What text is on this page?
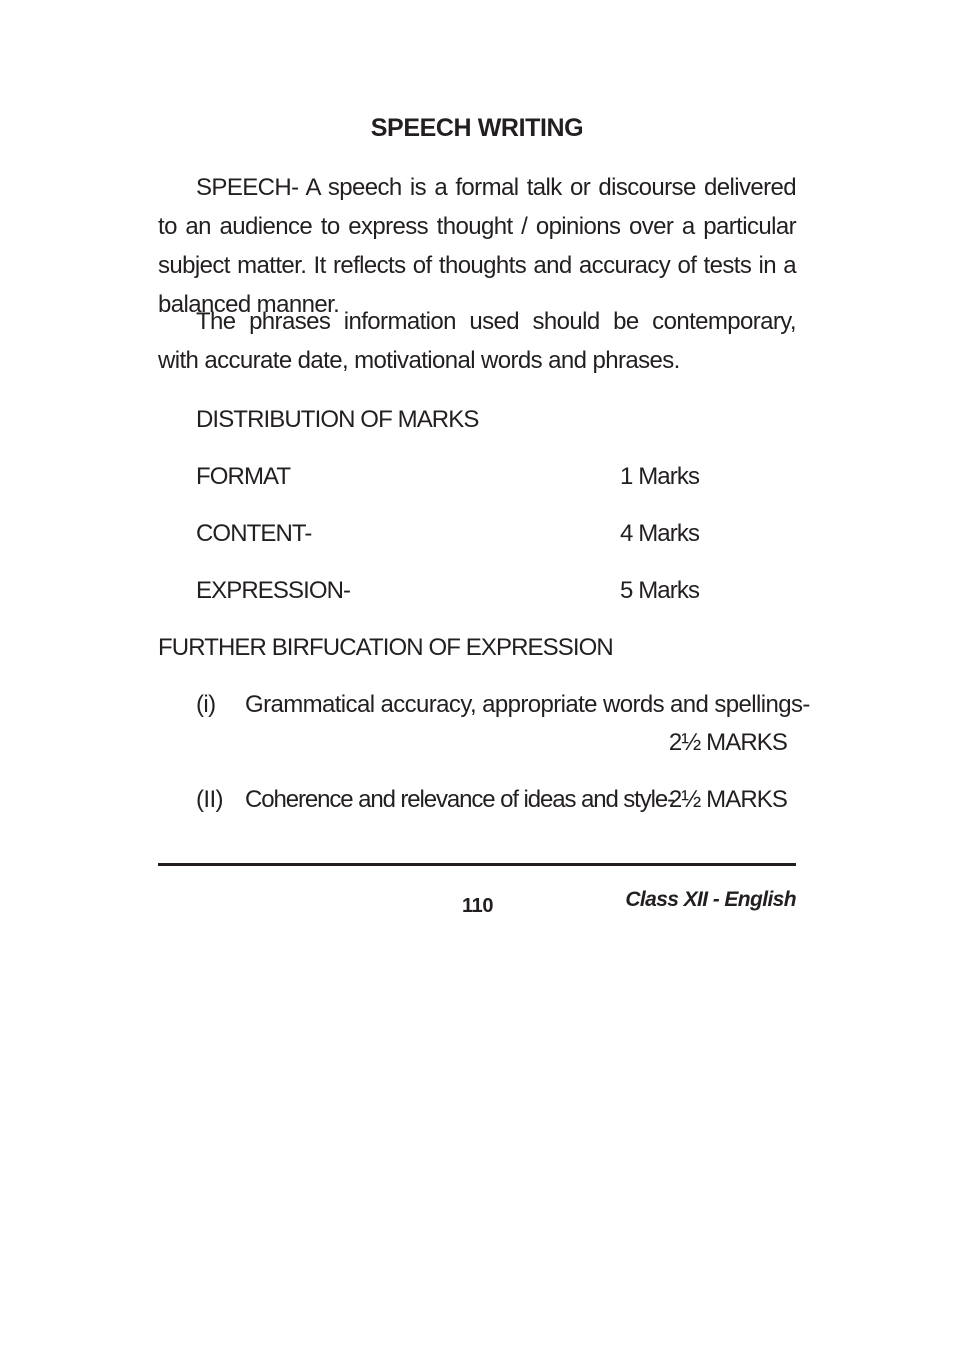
SPEECH WRITING

SPEECH- A speech is a formal talk or discourse delivered to an audience to express thought / opinions over a particular subject matter. It reflects of thoughts and accuracy of tests in a balanced manner.

The phrases information used should be contemporary, with accurate date, motivational words and phrases.

DISTRIBUTION OF MARKS
FORMAT	1 Marks
CONTENT-	4 Marks
EXPRESSION-	5 Marks
FURTHER BIRFUCATION OF EXPRESSION
(i) Grammatical accuracy, appropriate words and spellings-
2½ MARKS
(II) Coherence and relevance of ideas and style-
2½ MARKS
110	Class XII - English
